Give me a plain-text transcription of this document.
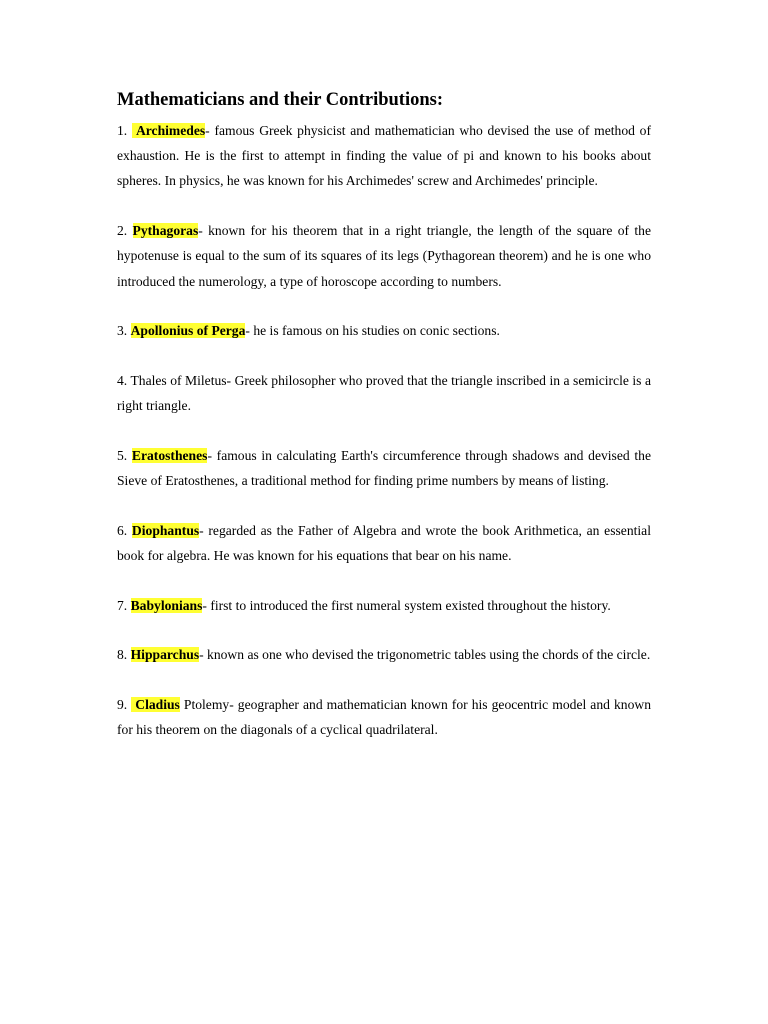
Mathematicians and their Contributions:

1. Archimedes- famous Greek physicist and mathematician who devised the use of method of exhaustion. He is the first to attempt in finding the value of pi and known to his books about spheres. In physics, he was known for his Archimedes' screw and Archimedes' principle.

2. Pythagoras- known for his theorem that in a right triangle, the length of the square of the hypotenuse is equal to the sum of its squares of its legs (Pythagorean theorem) and he is one who introduced the numerology, a type of horoscope according to numbers.

3. Apollonius of Perga- he is famous on his studies on conic sections.

4. Thales of Miletus- Greek philosopher who proved that the triangle inscribed in a semicircle is a right triangle.

5. Eratosthenes- famous in calculating Earth's circumference through shadows and devised the Sieve of Eratosthenes, a traditional method for finding prime numbers by means of listing.

6. Diophantus- regarded as the Father of Algebra and wrote the book Arithmetica, an essential book for algebra. He was known for his equations that bear on his name.

7. Babylonians- first to introduced the first numeral system existed throughout the history.

8. Hipparchus- known as one who devised the trigonometric tables using the chords of the circle.

9. Cladius Ptolemy- geographer and mathematician known for his geocentric model and known for his theorem on the diagonals of a cyclical quadrilateral.
